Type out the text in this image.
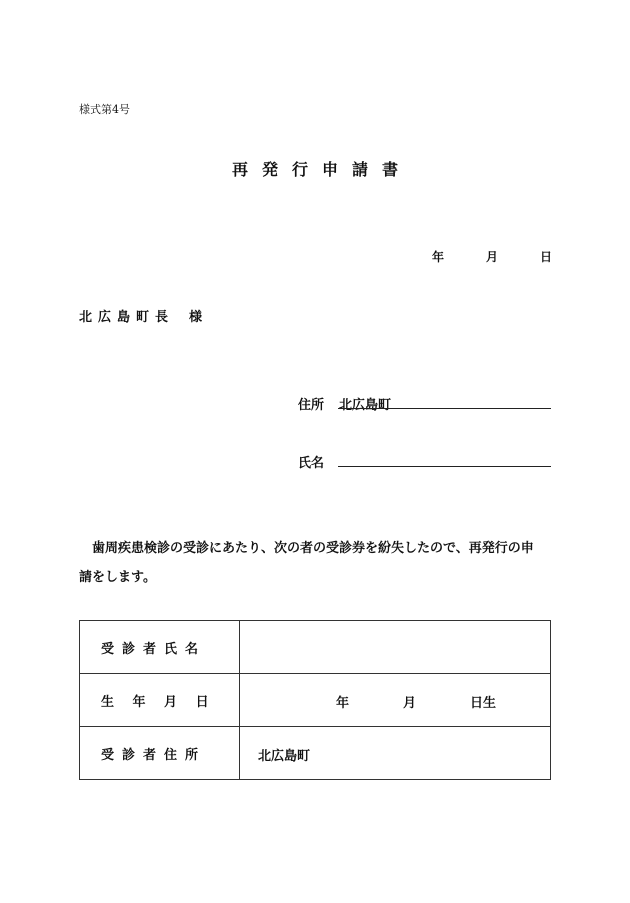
様式第4号
再発行申請書
年	月	日
北広島町長 様
住所 北広島町
氏名
歯周疾患検診の受診にあたり、次の者の受診券を紛失したので、再発行の申
請をします。
受診者氏名	

生 年 月 日	年 月 日生

受診者住所	北広島町
